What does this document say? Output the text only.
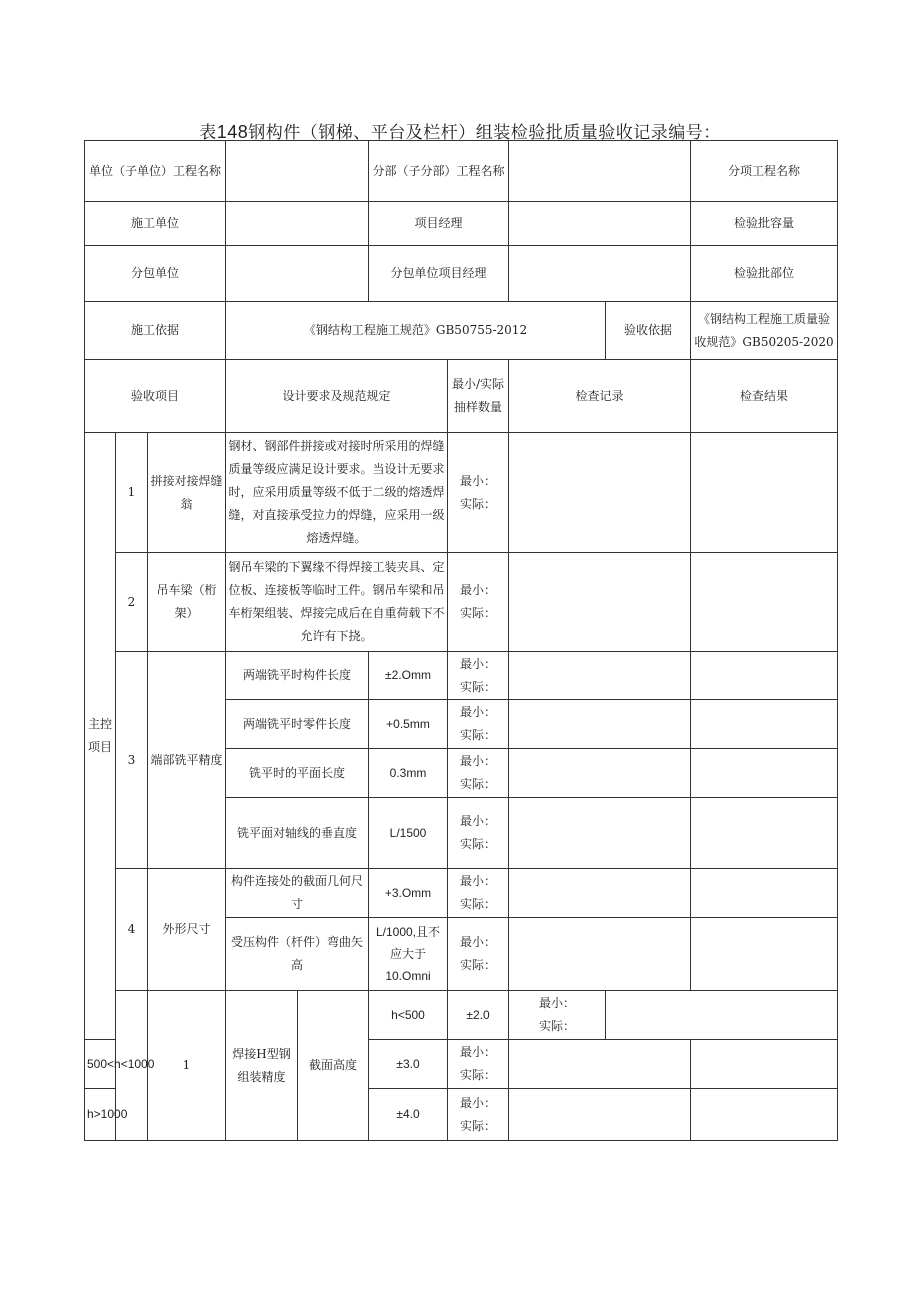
表148钢构件（钢梯、平台及栏杆）组装检验批质量验收记录编号：
单位（子单位）工程名称					分部（子分部）工程名称				分项工程名称	
施工单位					项目经理				检验批容量	
分包单位					分包单位项目经理				检验批部位	
施工依据			《钢结构工程施工规范》GB50755-2012					验收依据	《钢结构工程施工质量验收规范》GB50205-2020	
验收项目			设计要求及规范规定			最小/实际抽样数量	检查记录		检查结果	
主控项目	1	拼接对接焊缝翁	钢材、钢部件拼接或对接时所采用的焊缝质量等级应满足设计要求。当设计无要求时，应采用质量等级不低于二级的熔透焊缝，对直接承受拉力的焊缝，应采用一级熔透焊缝。			最小：
实际：				
	2	吊车梁（桁架）	钢吊车梁的下翼缘不得焊接工装夹具、定位板、连接板等临时工件。钢吊车梁和吊车桁架组装、焊接完成后在自重荷载下不允许有下挠。			最小：
实际：				
	3	端部铣平精度	两端铣平时构件长度		±2.Omm	最小：
实际：				
			两端铣平时零件长度		+0.5mm	最小：
实际：				
			铣平时的平面长度		0.3mm	最小：
实际：				
			铣平面对轴线的垂直度		L/1500	最小：
实际：				
	4	外形尺寸	构件连接处的截面几何尺寸		+3.Omm	最小：
实际：				
			受压构件（杆件）弯曲矢高		L/1000,且不应大于10.Omni	最小：
实际：				
		1	焊接H型钢组装精度	截面高度	h<500	±2.0	最小：
实际：			
500<h<1000					±3.0	最小：
实际：				
h>1000					±4.0	最小：
实际：				
